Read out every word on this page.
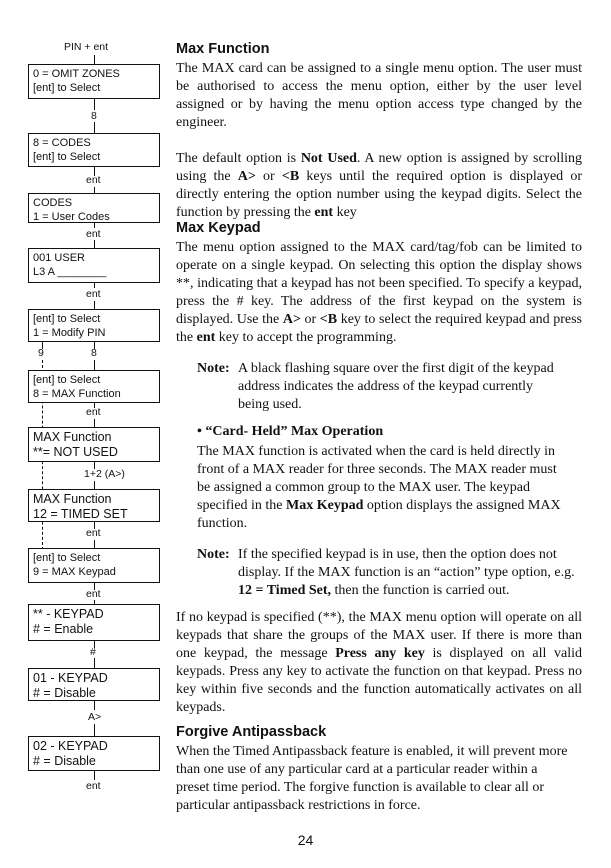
PIN + ent
0 = OMIT ZONES
[ent] to Select
8
8 = CODES
[ent] to Select
ent
CODES
1 = User Codes
ent
001 USER
L3 A ________
ent
[ent] to Select
1 = Modify PIN
9	8
[ent] to Select
8 = MAX Function
ent
MAX Function
**= NOT USED
1+2 (A>)
MAX Function
12 = TIMED SET
ent
[ent] to Select
9 = MAX Keypad
ent
** - KEYPAD
# = Enable
#
01 - KEYPAD
# = Disable
A>
02 - KEYPAD
# = Disable
ent
Max Function

The MAX card can be assigned to a single menu option. The user must be authorised to access the menu option, either by the user level assigned or by having the menu option access type changed by the engineer.

The default option is Not Used. A new option is assigned by scrolling using the A> or <B keys until the required option is displayed or directly entering the option number using the keypad digits. Select the function by pressing the ent key

Max Keypad

The menu option assigned to the MAX card/tag/fob can be limited to operate on a single keypad. On selecting this option the display shows **, indicating that a keypad has not been specified. To specify a keypad, press the # key. The address of the first keypad on the system is displayed. Use the A> or <B key to select the required keypad and press the ent key to accept the programming.

Note: A black flashing square over the first digit of the keypad address indicates the address of the keypad currently being used.
• “Card- Held” Max Operation
The MAX function is activated when the card is held directly in front of a MAX reader for three seconds. The MAX reader must be assigned a common group to the MAX user. The keypad specified in the Max Keypad option displays the assigned MAX function.
Note: If the specified keypad is in use, then the option does not display. If the MAX function is an “action” type option, e.g. 12 = Timed Set, then the function is carried out.

If no keypad is specified (**), the MAX menu option will operate on all keypads that share the groups of the MAX user. If there is more than one keypad, the message Press any key is displayed on all valid keypads. Press any key to activate the function on that keypad. Press no key within five seconds and the function automatically activates on all keypads.

Forgive Antipassback

When the Timed Antipassback feature is enabled, it will prevent more than one use of any particular card at a particular reader within a preset time period. The forgive function is available to clear all or particular antipassback restrictions in force.

24
